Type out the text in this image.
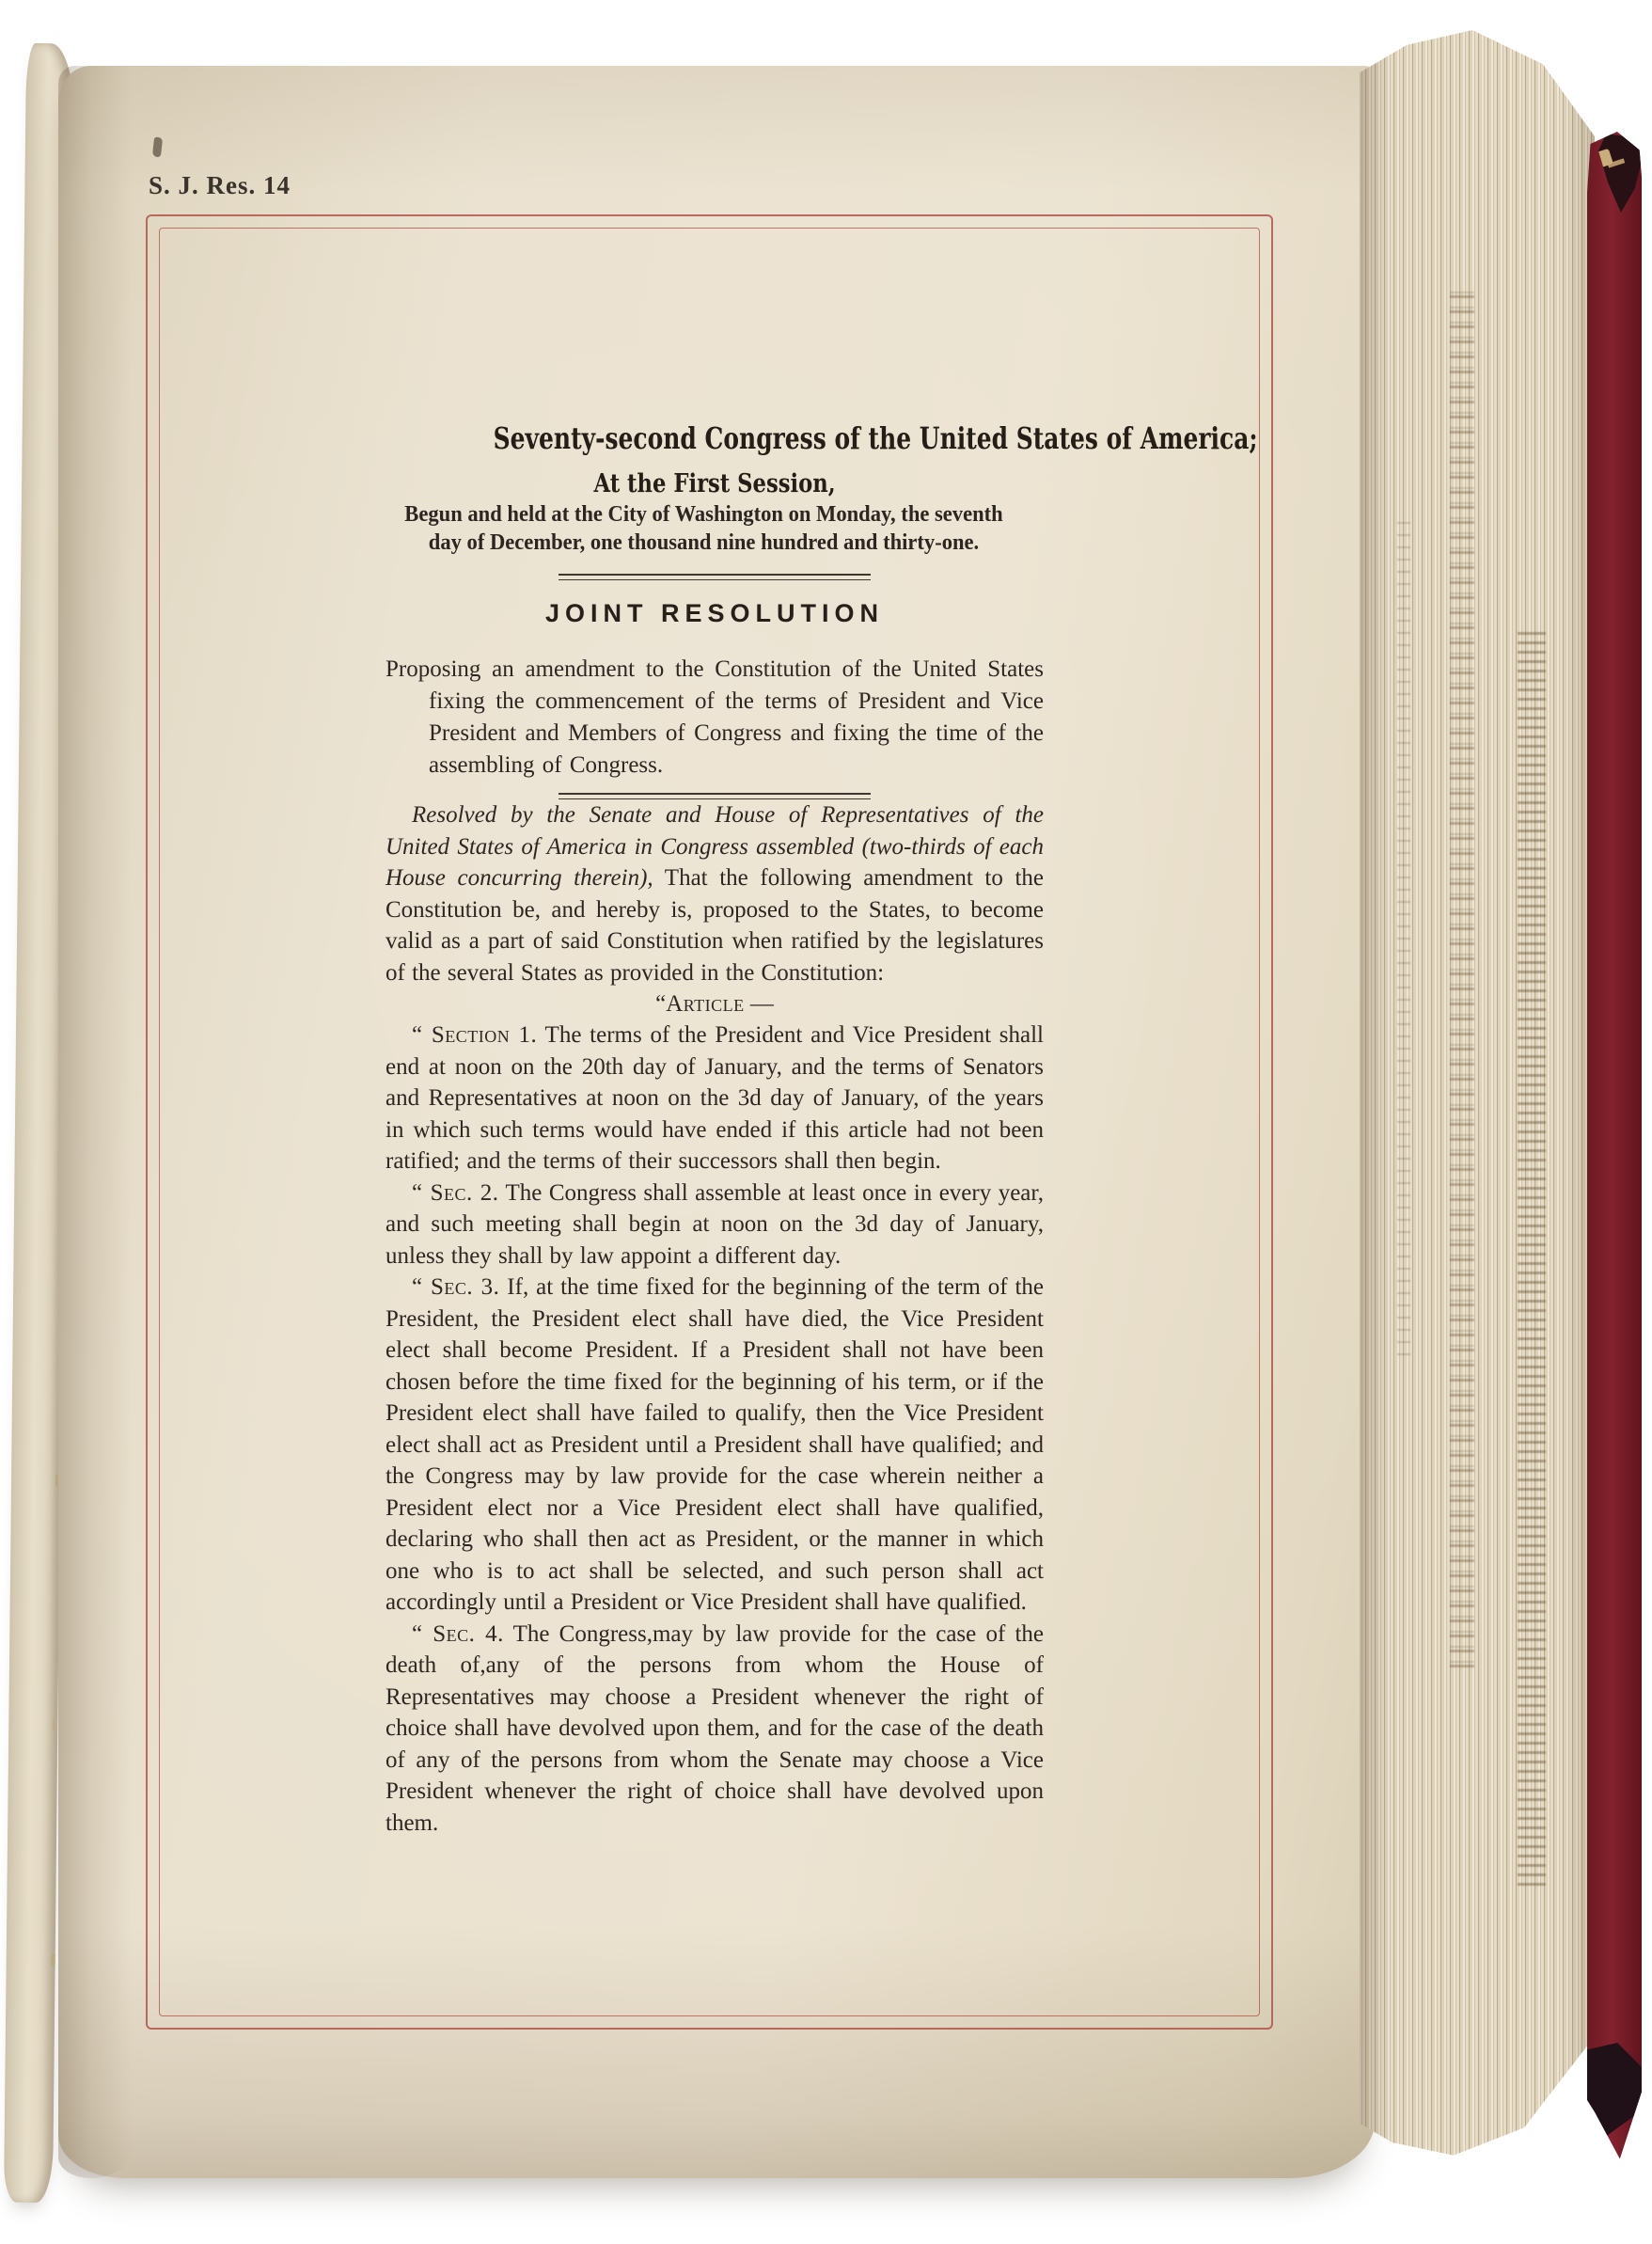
S. J. Res. 14
Seventy-second Congress of the United States of America;
At the First Session,

Begun and held at the City of Washington on Monday, the seventh
day of December, one thousand nine hundred and thirty-one.

JOINT RESOLUTION

Proposing an amendment to the Constitution of the United States fixing the commencement of the terms of President and Vice President and Members of Congress and fixing the time of the assembling of Congress.

Resolved by the Senate and House of Representatives of the United States of America in Congress assembled (two-thirds of each House concurring therein), That the following amendment to the Constitution be, and hereby is, proposed to the States, to become valid as a part of said Constitution when ratified by the legislatures of the several States as provided in the Constitution:

“Article —

“ Section 1. The terms of the President and Vice President shall end at noon on the 20th day of January, and the terms of Senators and Representatives at noon on the 3d day of January, of the years in which such terms would have ended if this article had not been ratified; and the terms of their successors shall then begin.

“ Sec. 2. The Congress shall assemble at least once in every year, and such meeting shall begin at noon on the 3d day of January, unless they shall by law appoint a different day.

“ Sec. 3. If, at the time fixed for the beginning of the term of the President, the President elect shall have died, the Vice President elect shall become President. If a President shall not have been chosen before the time fixed for the beginning of his term, or if the President elect shall have failed to qualify, then the Vice President elect shall act as President until a President shall have qualified; and the Congress may by law provide for the case wherein neither a President elect nor a Vice President elect shall have qualified, declaring who shall then act as President, or the manner in which one who is to act shall be selected, and such person shall act accordingly until a President or Vice President shall have qualified.

“ Sec. 4. The Congress,may by law provide for the case of the death of,any of the persons from whom the House of Representatives may choose a President whenever the right of choice shall have devolved upon them, and for the case of the death of any of the persons from whom the Senate may choose a Vice President whenever the right of choice shall have devolved upon them.
